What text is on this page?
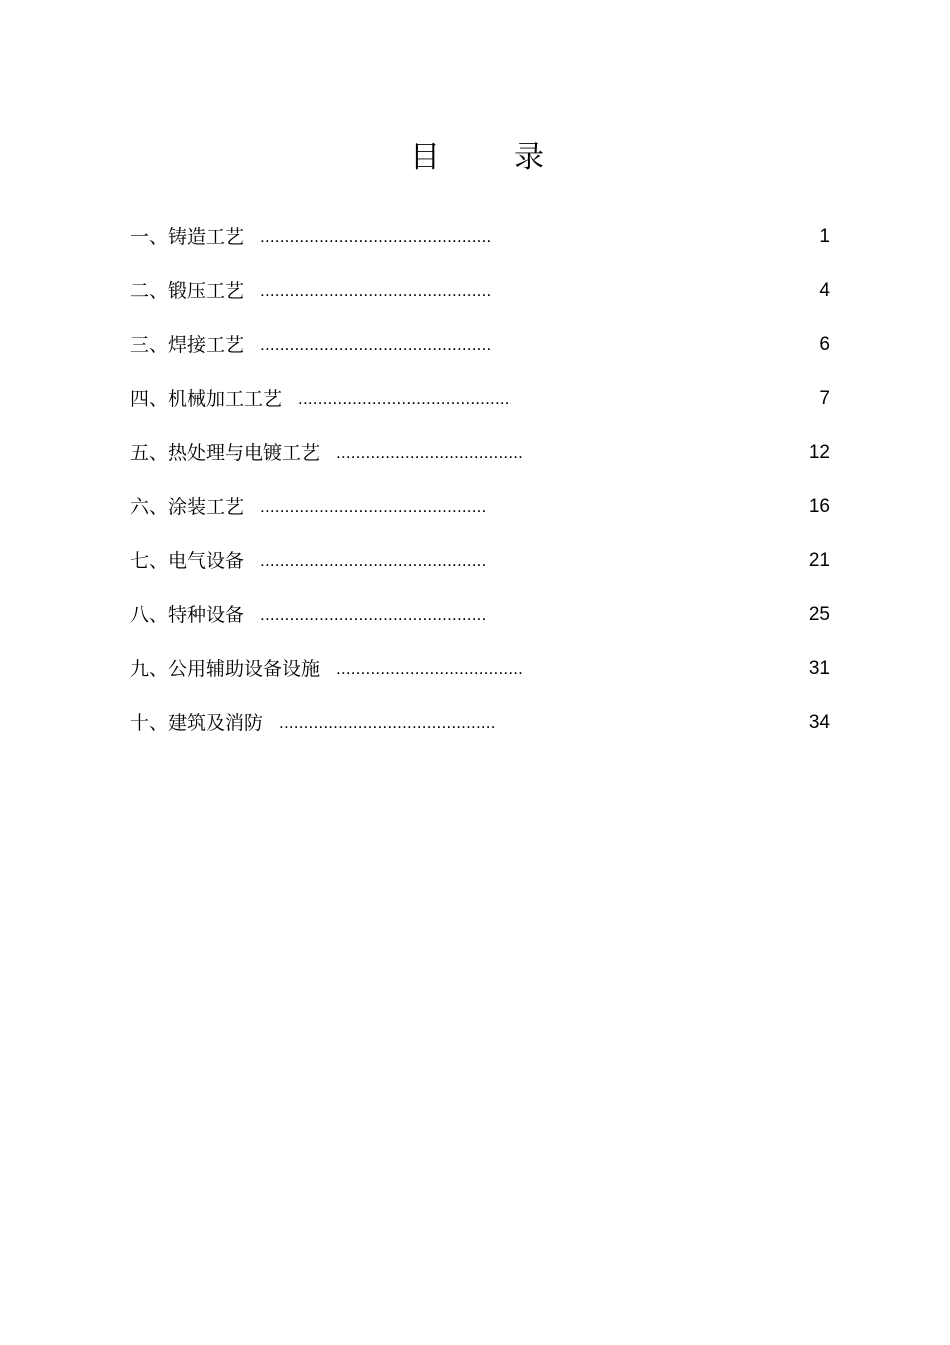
目 录
一、铸造工艺 ...............................................	1
二、锻压工艺 ...............................................	4
三、焊接工艺 ...............................................	6
四、机械加工工艺 ...........................................	7
五、热处理与电镀工艺 ......................................	12
六、涂装工艺 ..............................................	16
七、电气设备 ..............................................	21
八、特种设备 ..............................................	25
九、公用辅助设备设施 ......................................	31
十、建筑及消防 ............................................	34
